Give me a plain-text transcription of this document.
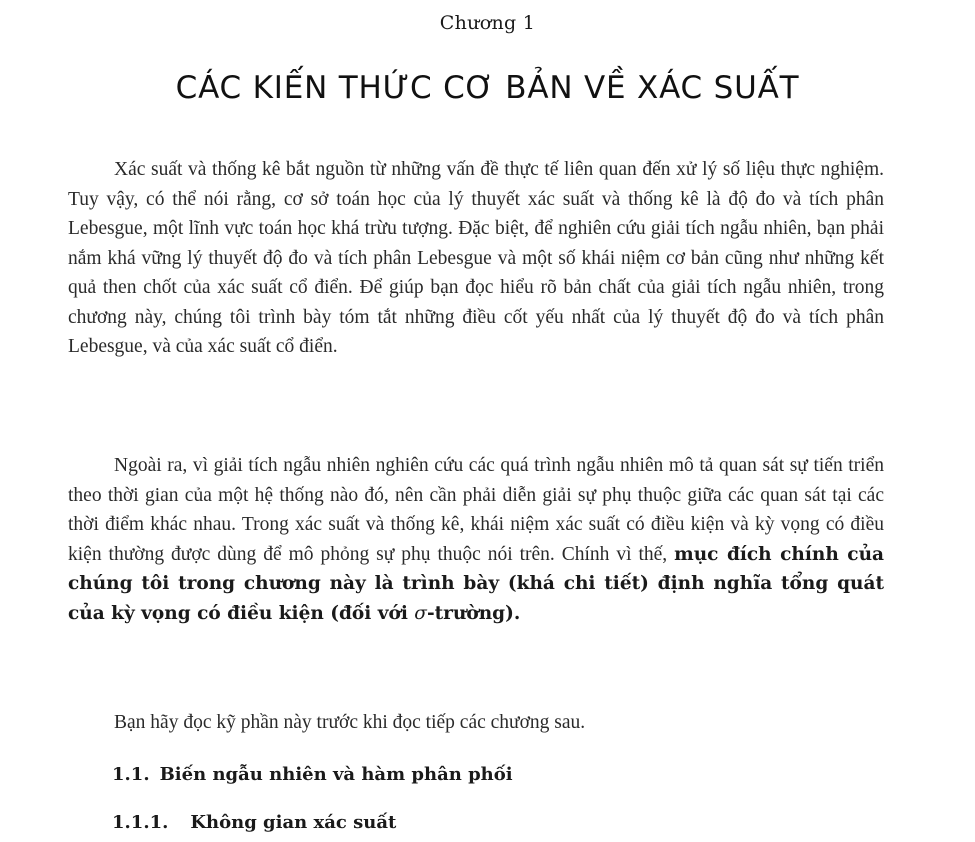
Chương 1
CÁC KIẾN THỨC CƠ BẢN VỀ XÁC SUẤT

Xác suất và thống kê bắt nguồn từ những vấn đề thực tế liên quan đến xử lý số liệu thực nghiệm. Tuy vậy, có thể nói rằng, cơ sở toán học của lý thuyết xác suất và thống kê là độ đo và tích phân Lebesgue, một lĩnh vực toán học khá trừu tượng. Đặc biệt, để nghiên cứu giải tích ngẫu nhiên, bạn phải nắm khá vững lý thuyết độ đo và tích phân Lebesgue và một số khái niệm cơ bản cũng như những kết quả then chốt của xác suất cổ điển. Để giúp bạn đọc hiểu rõ bản chất của giải tích ngẫu nhiên, trong chương này, chúng tôi trình bày tóm tắt những điều cốt yếu nhất của lý thuyết độ đo và tích phân Lebesgue, và của xác suất cổ điển.

Ngoài ra, vì giải tích ngẫu nhiên nghiên cứu các quá trình ngẫu nhiên mô tả quan sát sự tiến triển theo thời gian của một hệ thống nào đó, nên cần phải diễn giải sự phụ thuộc giữa các quan sát tại các thời điểm khác nhau. Trong xác suất và thống kê, khái niệm xác suất có điều kiện và kỳ vọng có điều kiện thường được dùng để mô phỏng sự phụ thuộc nói trên. Chính vì thế, mục đích chính của chúng tôi trong chương này là trình bày (khá chi tiết) định nghĩa tổng quát của kỳ vọng có điều kiện (đối với σ-trường).

Bạn hãy đọc kỹ phần này trước khi đọc tiếp các chương sau.

1.1. Biến ngẫu nhiên và hàm phân phối
1.1.1. Không gian xác suất
